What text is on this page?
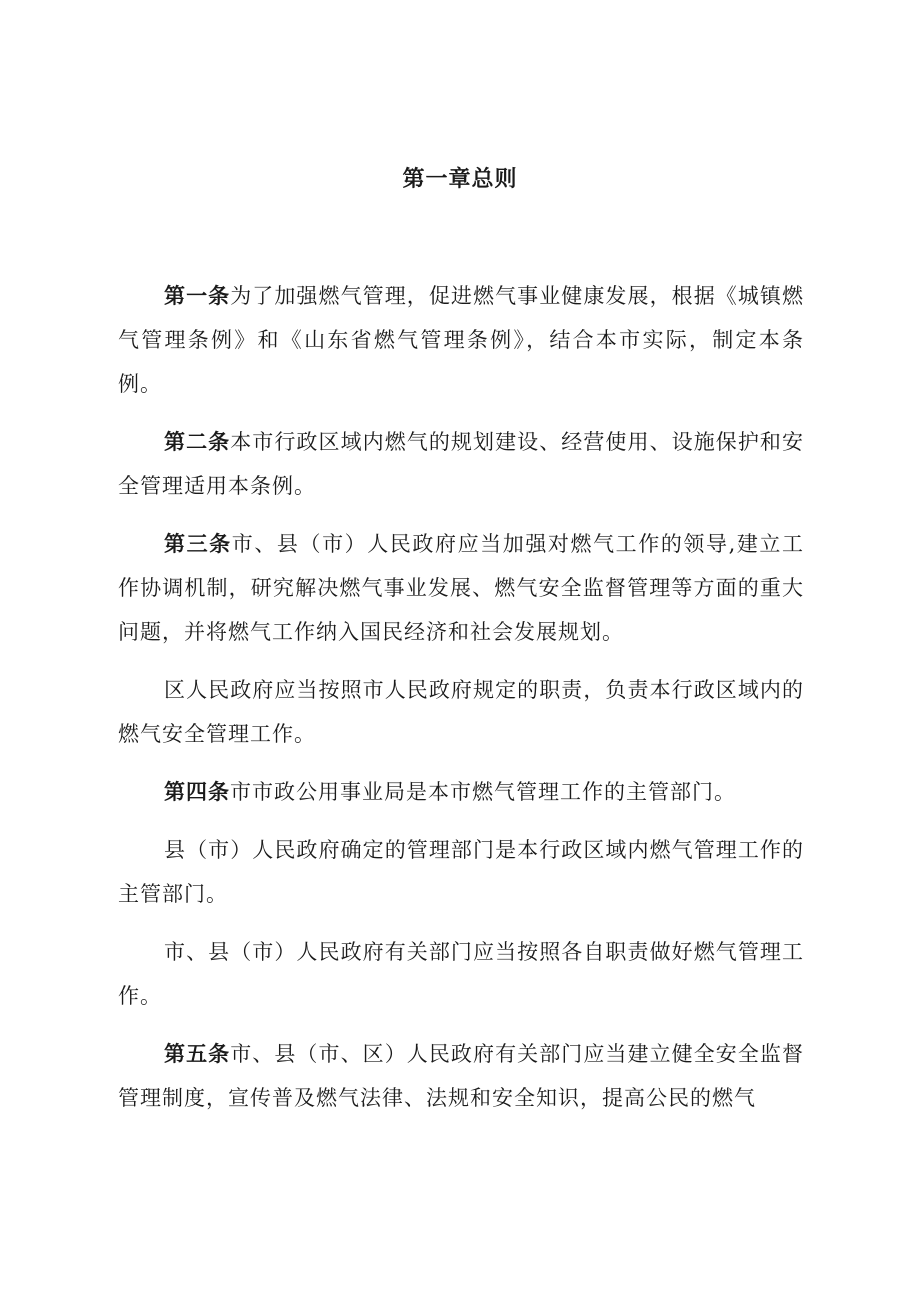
第一章总则

第一条为了加强燃气管理，促进燃气事业健康发展，根据《城镇燃气管理条例》和《山东省燃气管理条例》，结合本市实际，制定本条例。

第二条本市行政区域内燃气的规划建设、经营使用、设施保护和安全管理适用本条例。

第三条市、县（市）人民政府应当加强对燃气工作的领导,建立工作协调机制，研究解决燃气事业发展、燃气安全监督管理等方面的重大问题，并将燃气工作纳入国民经济和社会发展规划。

区人民政府应当按照市人民政府规定的职责，负责本行政区域内的燃气安全管理工作。

第四条市市政公用事业局是本市燃气管理工作的主管部门。

县（市）人民政府确定的管理部门是本行政区域内燃气管理工作的主管部门。

市、县（市）人民政府有关部门应当按照各自职责做好燃气管理工作。

第五条市、县（市、区）人民政府有关部门应当建立健全安全监督管理制度，宣传普及燃气法律、法规和安全知识，提高公民的燃气
